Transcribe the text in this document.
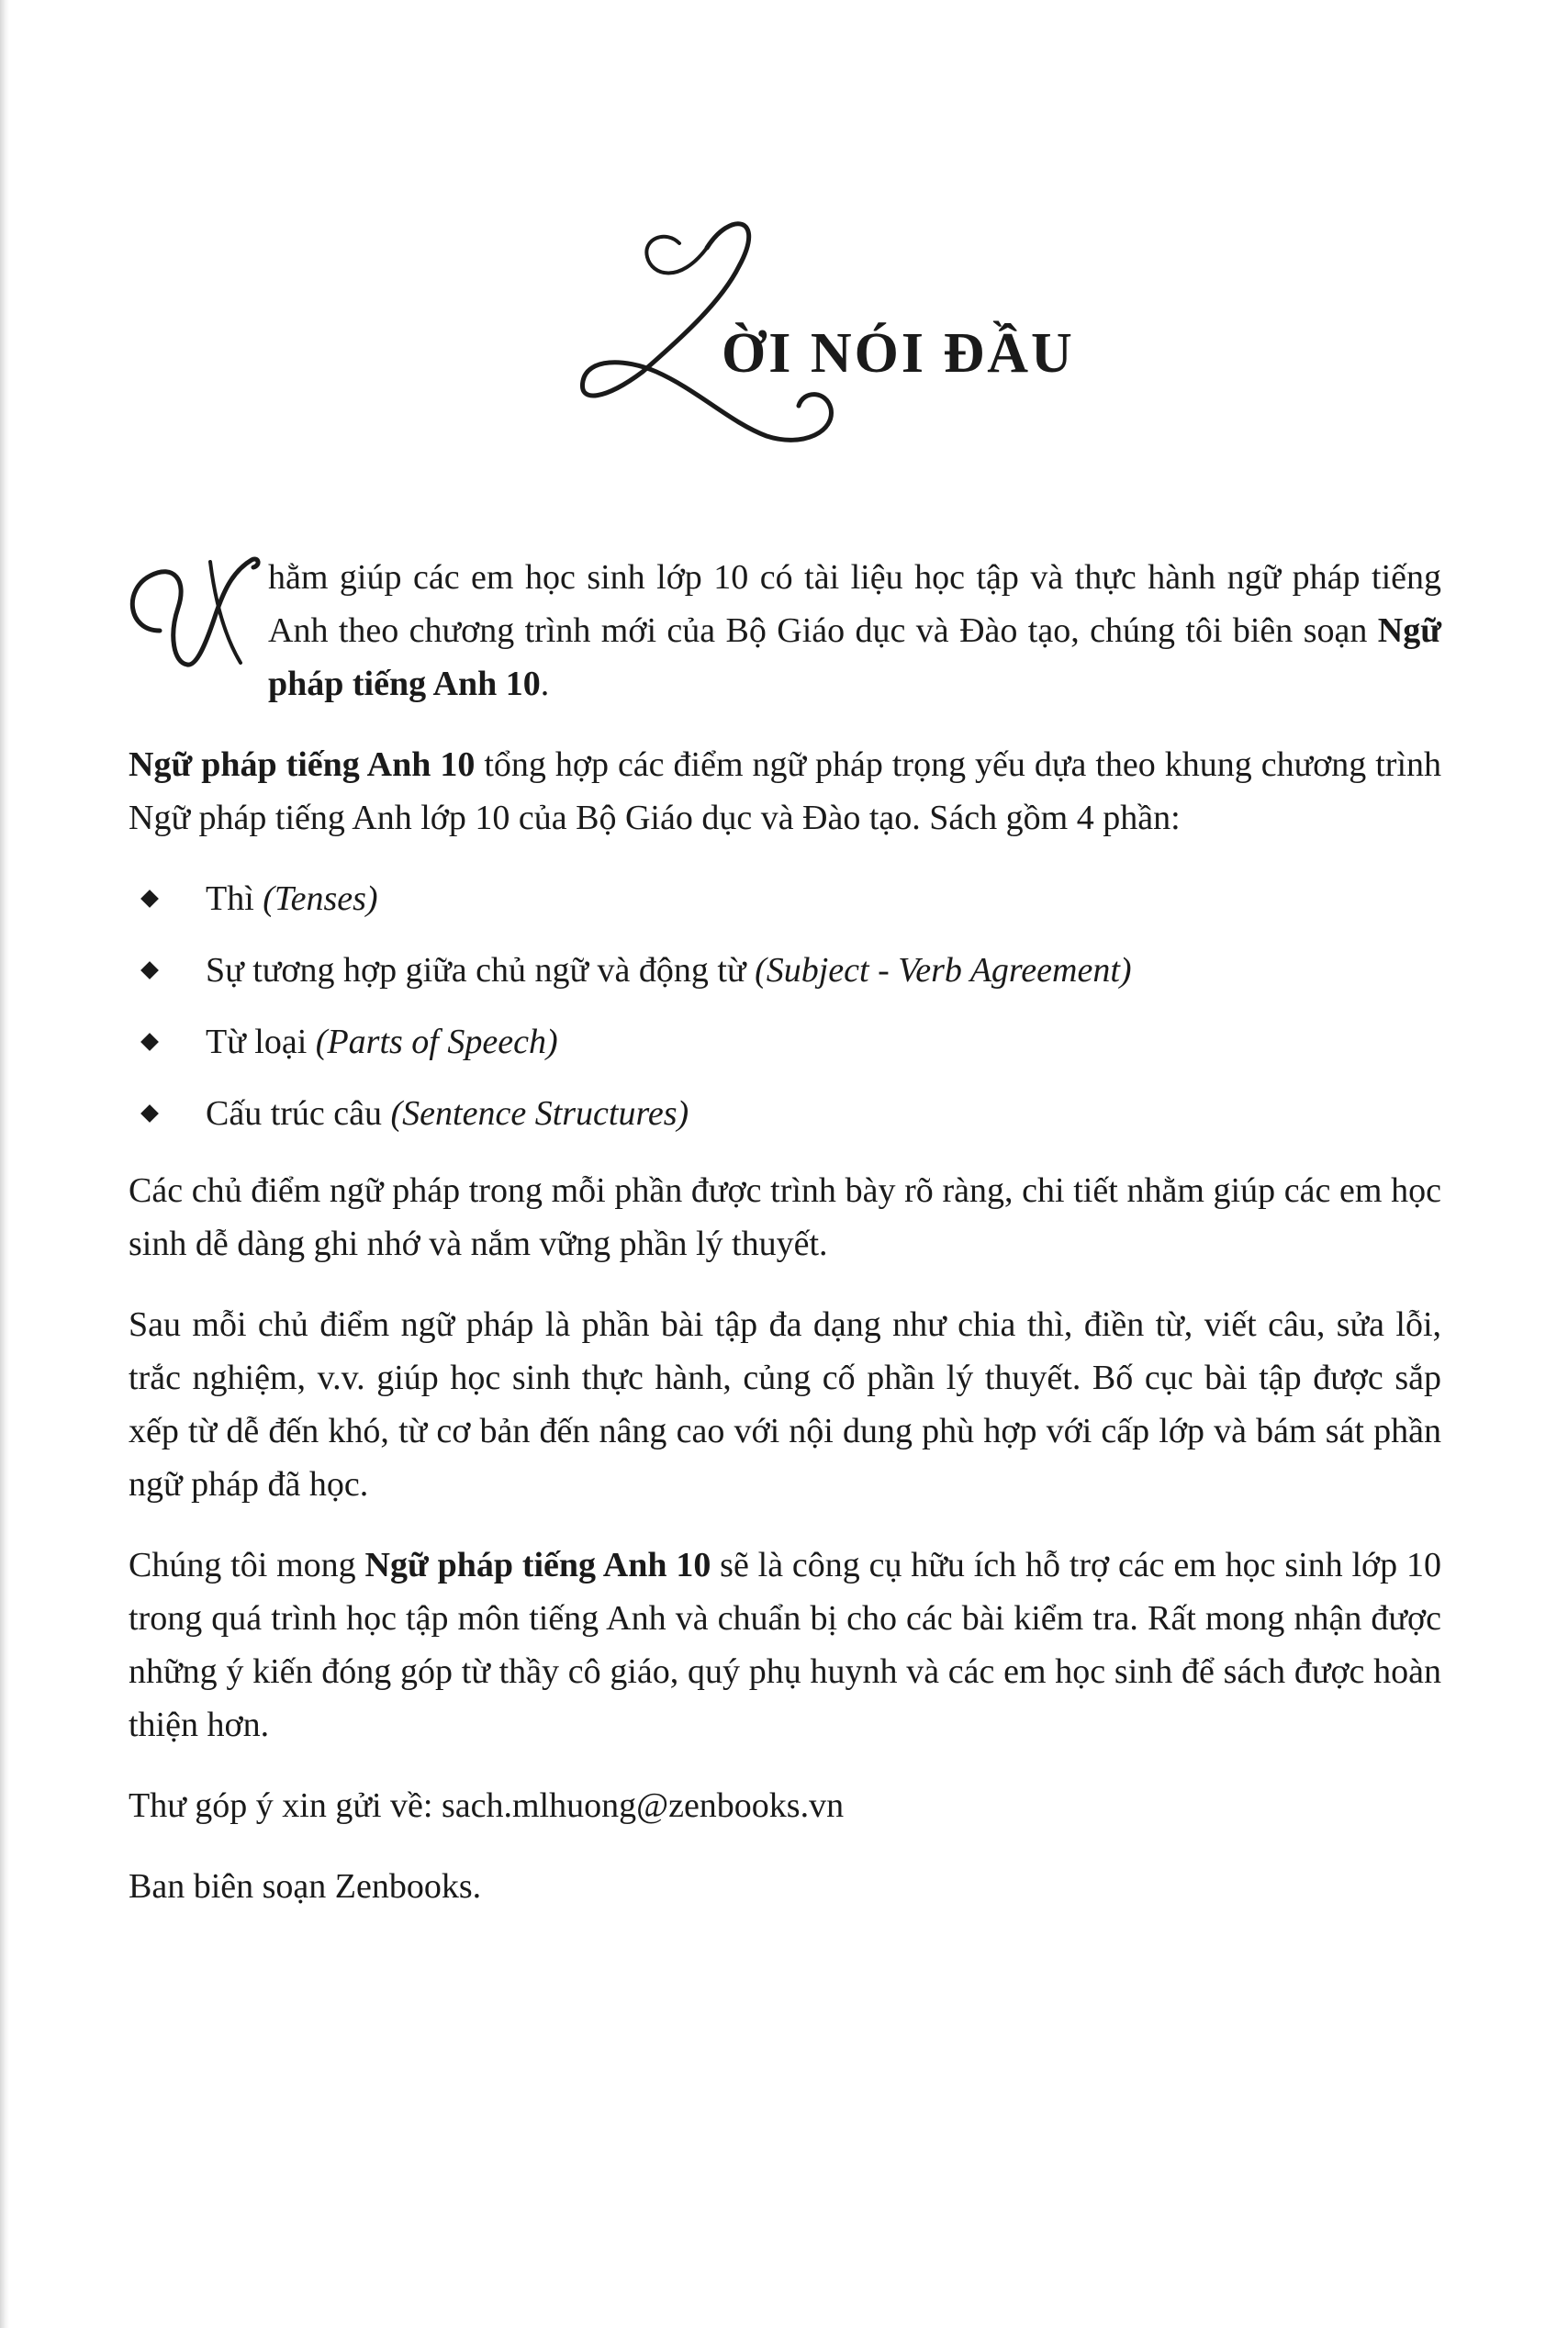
L ỜI NÓI ĐẦU

N
hằm giúp các em học sinh lớp 10 có tài liệu học tập và thực hành ngữ pháp tiếng Anh theo chương trình mới của Bộ Giáo dục và Đào tạo, chúng tôi biên soạn Ngữ pháp tiếng Anh 10.

Ngữ pháp tiếng Anh 10 tổng hợp các điểm ngữ pháp trọng yếu dựa theo khung chương trình Ngữ pháp tiếng Anh lớp 10 của Bộ Giáo dục và Đào tạo. Sách gồm 4 phần:

Thì (Tenses)
Sự tương hợp giữa chủ ngữ và động từ (Subject - Verb Agreement)
Từ loại (Parts of Speech)
Cấu trúc câu (Sentence Structures)

Các chủ điểm ngữ pháp trong mỗi phần được trình bày rõ ràng, chi tiết nhằm giúp các em học sinh dễ dàng ghi nhớ và nắm vững phần lý thuyết.

Sau mỗi chủ điểm ngữ pháp là phần bài tập đa dạng như chia thì, điền từ, viết câu, sửa lỗi, trắc nghiệm, v.v. giúp học sinh thực hành, củng cố phần lý thuyết. Bố cục bài tập được sắp xếp từ dễ đến khó, từ cơ bản đến nâng cao với nội dung phù hợp với cấp lớp và bám sát phần ngữ pháp đã học.

Chúng tôi mong Ngữ pháp tiếng Anh 10 sẽ là công cụ hữu ích hỗ trợ các em học sinh lớp 10 trong quá trình học tập môn tiếng Anh và chuẩn bị cho các bài kiểm tra. Rất mong nhận được những ý kiến đóng góp từ thầy cô giáo, quý phụ huynh và các em học sinh để sách được hoàn thiện hơn.

Thư góp ý xin gửi về: sach.mlhuong@zenbooks.vn

Ban biên soạn Zenbooks.
